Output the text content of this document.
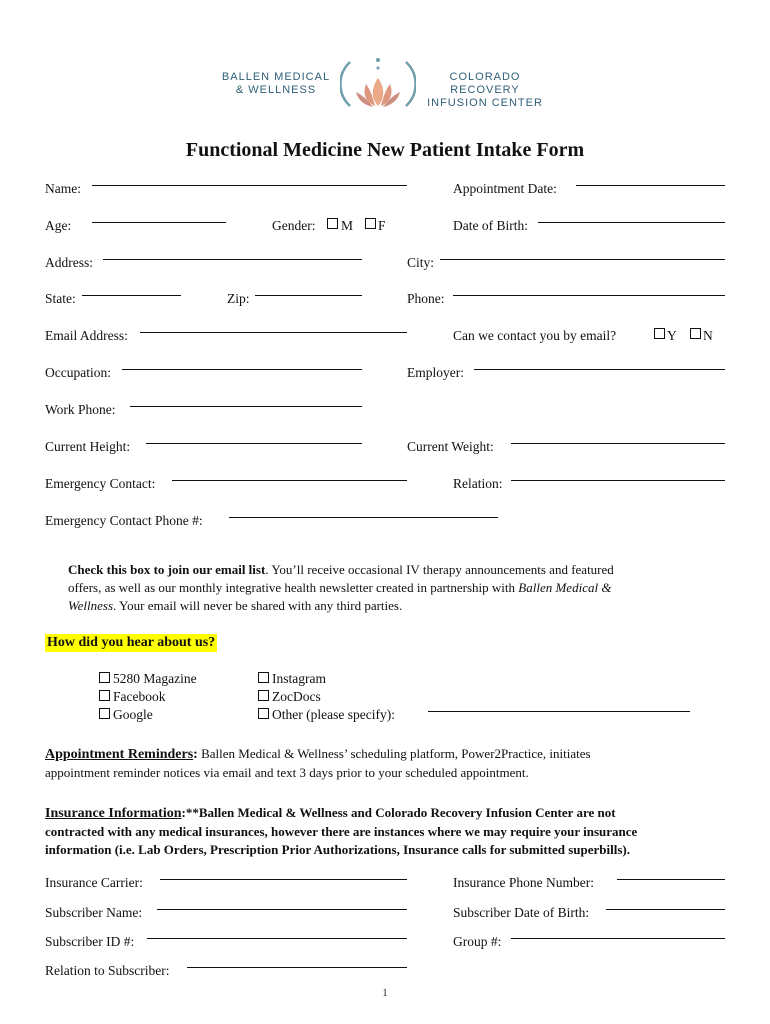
BALLEN MEDICAL
& WELLNESS
COLORADO RECOVERY
INFUSION CENTER
Functional Medicine New Patient Intake Form
Name:	Appointment Date:
Age:	Gender: M F	Date of Birth:
Address:	City:
State:	Zip:	Phone:
Email Address:	Can we contact you by email?	Y N
Occupation:	Employer:
Work Phone:
Current Height:	Current Weight:
Emergency Contact:	Relation:
Emergency Contact Phone #:
Check this box to join our email list. You’ll receive occasional IV therapy announcements and featured
offers, as well as our monthly integrative health newsletter created in partnership with Ballen Medical &
Wellness. Your email will never be shared with any third parties.
How did you hear about us?
5280 Magazine
Facebook
Google
Instagram
ZocDocs
Other (please specify):
Appointment Reminders: Ballen Medical & Wellness’ scheduling platform, Power2Practice, initiates
appointment reminder notices via email and text 3 days prior to your scheduled appointment.
Insurance Information:**Ballen Medical & Wellness and Colorado Recovery Infusion Center are not
contracted with any medical insurances, however there are instances where we may require your insurance
information (i.e. Lab Orders, Prescription Prior Authorizations, Insurance calls for submitted superbills).
Insurance Carrier:	Insurance Phone Number:
Subscriber Name:	Subscriber Date of Birth:
Subscriber ID #:	Group #:
Relation to Subscriber:
1
